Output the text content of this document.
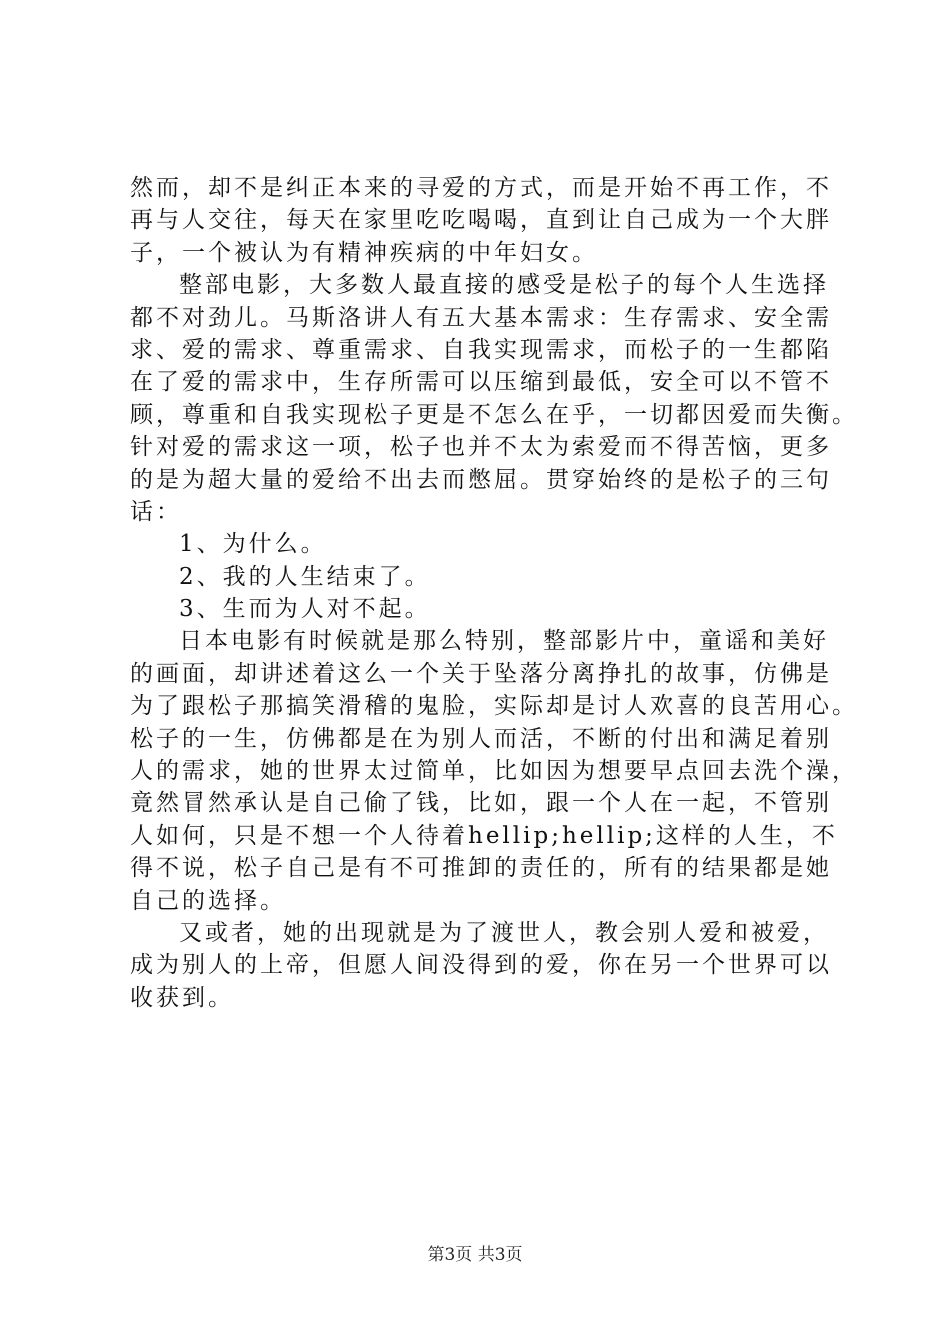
然而，却不是纠正本来的寻爱的方式，而是开始不再工作，不
再与人交往，每天在家里吃吃喝喝，直到让自己成为一个大胖
子，一个被认为有精神疾病的中年妇女。
整部电影，大多数人最直接的感受是松子的每个人生选择
都不对劲儿。马斯洛讲人有五大基本需求：生存需求、安全需
求、爱的需求、尊重需求、自我实现需求，而松子的一生都陷
在了爱的需求中，生存所需可以压缩到最低，安全可以不管不
顾，尊重和自我实现松子更是不怎么在乎，一切都因爱而失衡。
针对爱的需求这一项，松子也并不太为索爱而不得苦恼，更多
的是为超大量的爱给不出去而憋屈。贯穿始终的是松子的三句
话：
1、为什么。
2、我的人生结束了。
3、生而为人对不起。
日本电影有时候就是那么特别，整部影片中，童谣和美好
的画面，却讲述着这么一个关于坠落分离挣扎的故事，仿佛是
为了跟松子那搞笑滑稽的鬼脸，实际却是讨人欢喜的良苦用心。
松子的一生，仿佛都是在为别人而活，不断的付出和满足着别
人的需求，她的世界太过简单，比如因为想要早点回去洗个澡，
竟然冒然承认是自己偷了钱，比如，跟一个人在一起，不管别
人如何，只是不想一个人待着hellip;hellip;这样的人生，不
得不说，松子自己是有不可推卸的责任的，所有的结果都是她
自己的选择。
又或者，她的出现就是为了渡世人，教会别人爱和被爱，
成为别人的上帝，但愿人间没得到的爱，你在另一个世界可以
收获到。
第3页 共3页
